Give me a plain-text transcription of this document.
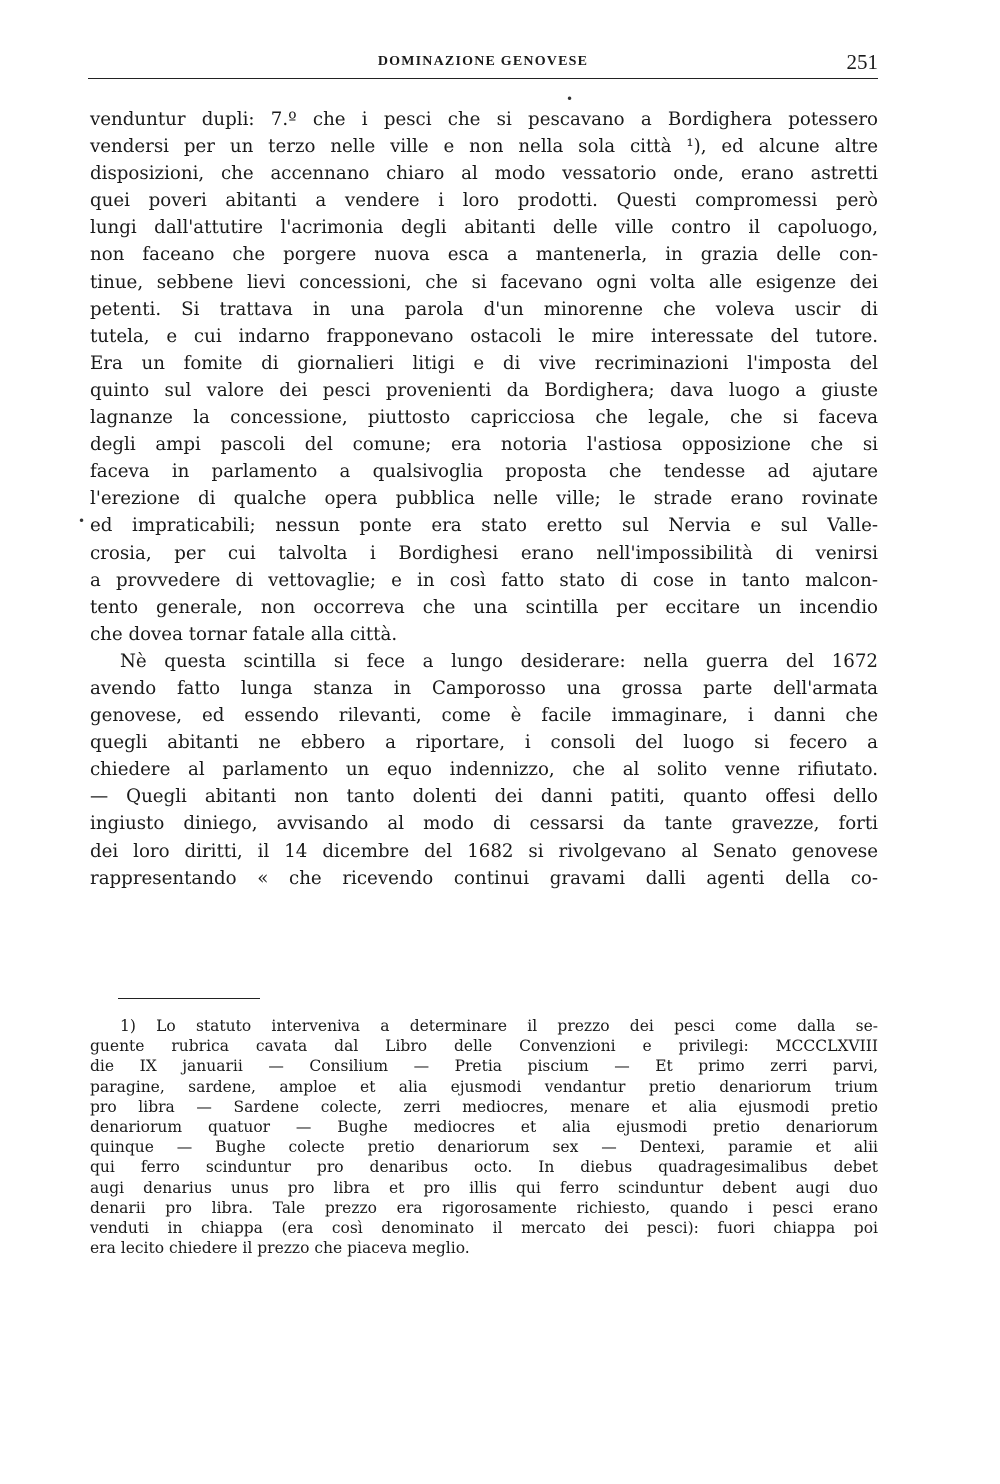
DOMINAZIONE GENOVESE	251
•
•
venduntur dupli: 7.º che i pesci che si pescavano a Bordighera potessero
vendersi per un terzo nelle ville e non nella sola città ¹), ed alcune altre
disposizioni, che accennano chiaro al modo vessatorio onde, erano astretti
quei poveri abitanti a vendere i loro prodotti. Questi compromessi però
lungi dall'attutire l'acrimonia degli abitanti delle ville contro il capoluogo,
non faceano che porgere nuova esca a mantenerla, in grazia delle con-
tinue, sebbene lievi concessioni, che si facevano ogni volta alle esigenze dei
petenti. Si trattava in una parola d'un minorenne che voleva uscir di
tutela, e cui indarno frapponevano ostacoli le mire interessate del tutore.
Era un fomite di giornalieri litigi e di vive recriminazioni l'imposta del
quinto sul valore dei pesci provenienti da Bordighera; dava luogo a giuste
lagnanze la concessione, piuttosto capricciosa che legale, che si faceva
degli ampi pascoli del comune; era notoria l'astiosa opposizione che si
faceva in parlamento a qualsivoglia proposta che tendesse ad ajutare
l'erezione di qualche opera pubblica nelle ville; le strade erano rovinate
ed impraticabili; nessun ponte era stato eretto sul Nervia e sul Valle-
crosia, per cui talvolta i Bordighesi erano nell'impossibilità di venirsi
a provvedere di vettovaglie; e in così fatto stato di cose in tanto malcon-
tento generale, non occorreva che una scintilla per eccitare un incendio
che dovea tornar fatale alla città.
Nè questa scintilla si fece a lungo desiderare: nella guerra del 1672
avendo fatto lunga stanza in Camporosso una grossa parte dell'armata
genovese, ed essendo rilevanti, come è facile immaginare, i danni che
quegli abitanti ne ebbero a riportare, i consoli del luogo si fecero a
chiedere al parlamento un equo indennizzo, che al solito venne rifiutato.
— Quegli abitanti non tanto dolenti dei danni patiti, quanto offesi dello
ingiusto diniego, avvisando al modo di cessarsi da tante gravezze, forti
dei loro diritti, il 14 dicembre del 1682 si rivolgevano al Senato genovese
rappresentando « che ricevendo continui gravami dalli agenti della co-
1) Lo statuto interveniva a determinare il prezzo dei pesci come dalla se-
guente rubrica cavata dal Libro delle Convenzioni e privilegi: MCCCLXVIII
die IX januarii — Consilium — Pretia piscium — Et primo zerri parvi,
paragine, sardene, amploe et alia ejusmodi vendantur pretio denariorum trium
pro libra — Sardene colecte, zerri mediocres, menare et alia ejusmodi pretio
denariorum quatuor — Bughe mediocres et alia ejusmodi pretio denariorum
quinque — Bughe colecte pretio denariorum sex — Dentexi, paramie et alii
qui ferro scinduntur pro denaribus octo. In diebus quadragesimalibus debet
augi denarius unus pro libra et pro illis qui ferro scinduntur debent augi duo
denarii pro libra. Tale prezzo era rigorosamente richiesto, quando i pesci erano
venduti in chiappa (era così denominato il mercato dei pesci): fuori chiappa poi
era lecito chiedere il prezzo che piaceva meglio.
